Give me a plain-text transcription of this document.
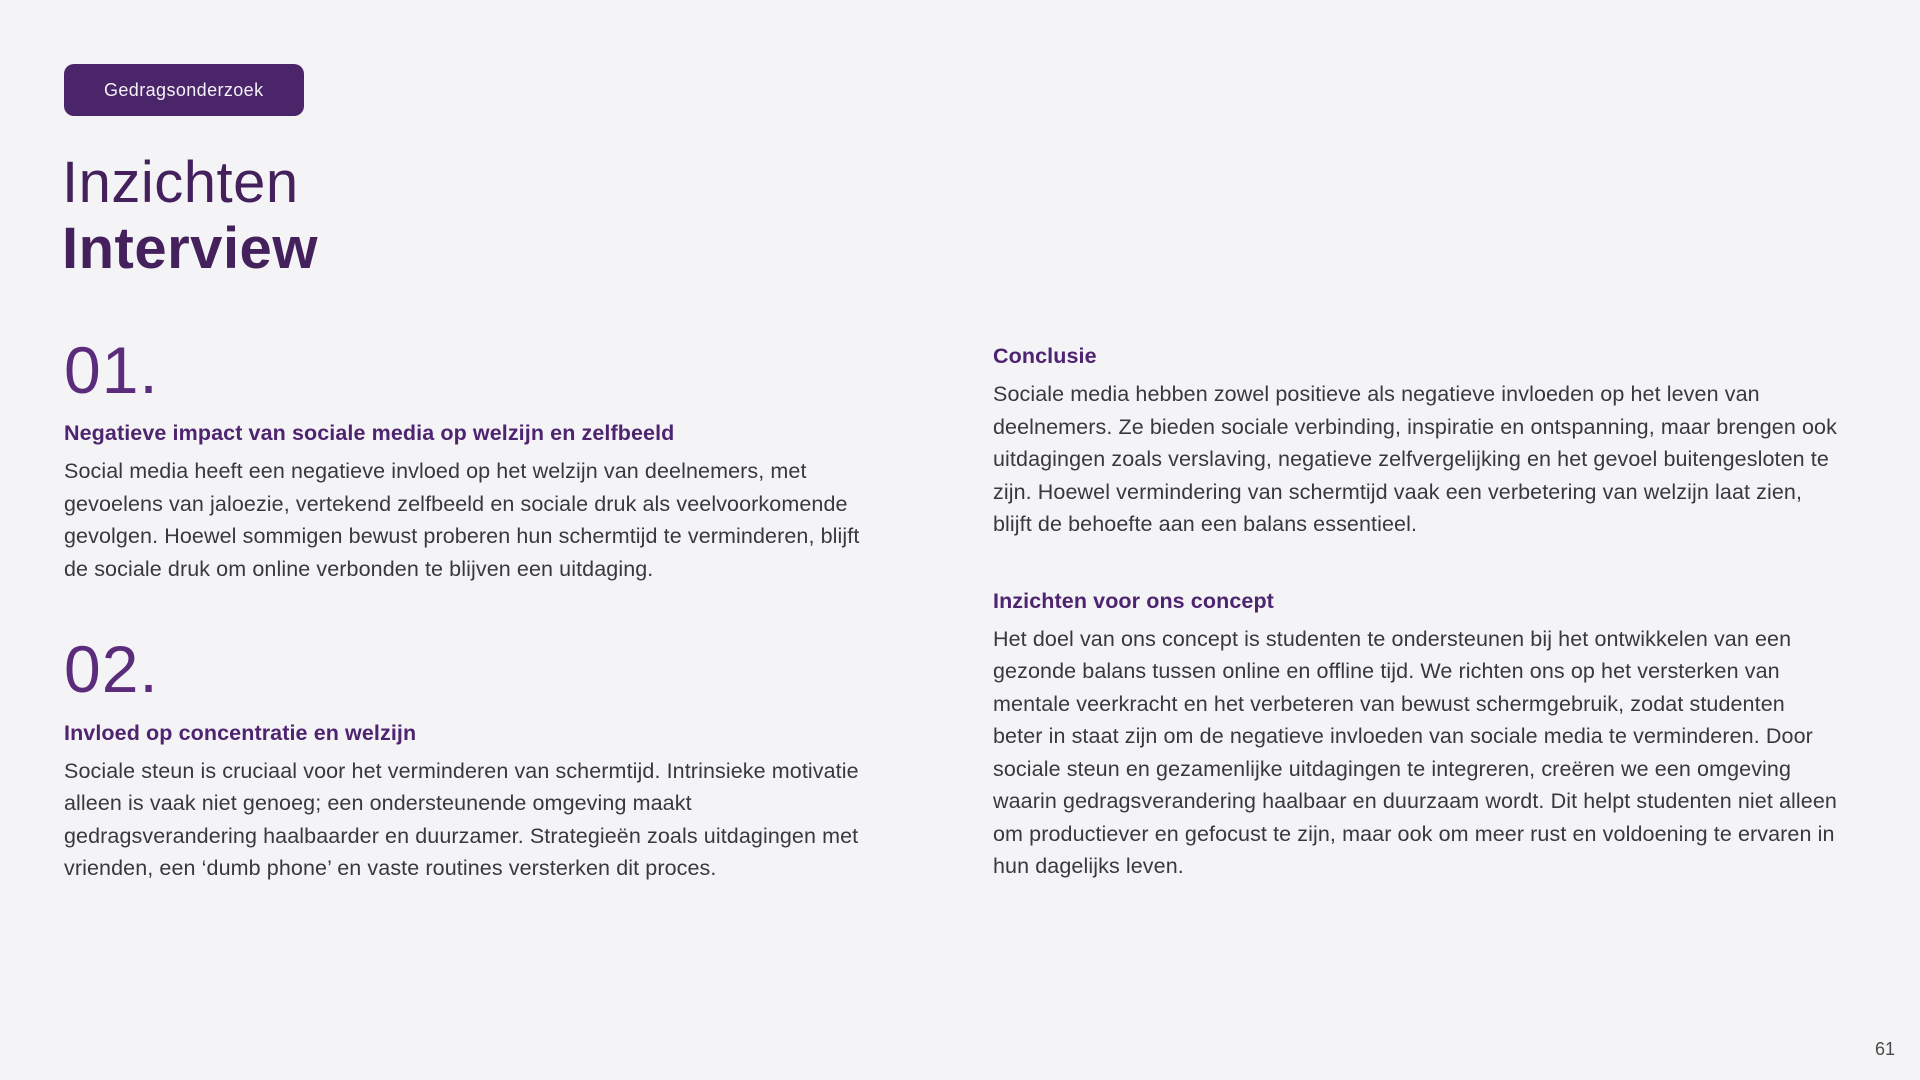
Gedragsonderzoek
Inzichten
Interview
01.
Negatieve impact van sociale media op welzijn en zelfbeeld
Social media heeft een negatieve invloed op het welzijn van deelnemers, met gevoelens van jaloezie, vertekend zelfbeeld en sociale druk als veelvoorkomende gevolgen. Hoewel sommigen bewust proberen hun schermtijd te verminderen, blijft de sociale druk om online verbonden te blijven een uitdaging.
02.
Invloed op concentratie en welzijn
Sociale steun is cruciaal voor het verminderen van schermtijd. Intrinsieke motivatie alleen is vaak niet genoeg; een ondersteunende omgeving maakt gedragsverandering haalbaarder en duurzamer. Strategieën zoals uitdagingen met vrienden, een ‘dumb phone’ en vaste routines versterken dit proces.
Conclusie
Sociale media hebben zowel positieve als negatieve invloeden op het leven van deelnemers. Ze bieden sociale verbinding, inspiratie en ontspanning, maar brengen ook uitdagingen zoals verslaving, negatieve zelfvergelijking en het gevoel buitengesloten te zijn. Hoewel vermindering van schermtijd vaak een verbetering van welzijn laat zien, blijft de behoefte aan een balans essentieel.
Inzichten voor ons concept
Het doel van ons concept is studenten te ondersteunen bij het ontwikkelen van een gezonde balans tussen online en offline tijd. We richten ons op het versterken van mentale veerkracht en het verbeteren van bewust schermgebruik, zodat studenten beter in staat zijn om de negatieve invloeden van sociale media te verminderen. Door sociale steun en gezamenlijke uitdagingen te integreren, creëren we een omgeving waarin gedragsverandering haalbaar en duurzaam wordt. Dit helpt studenten niet alleen om productiever en gefocust te zijn, maar ook om meer rust en voldoening te ervaren in hun dagelijks leven.
61
